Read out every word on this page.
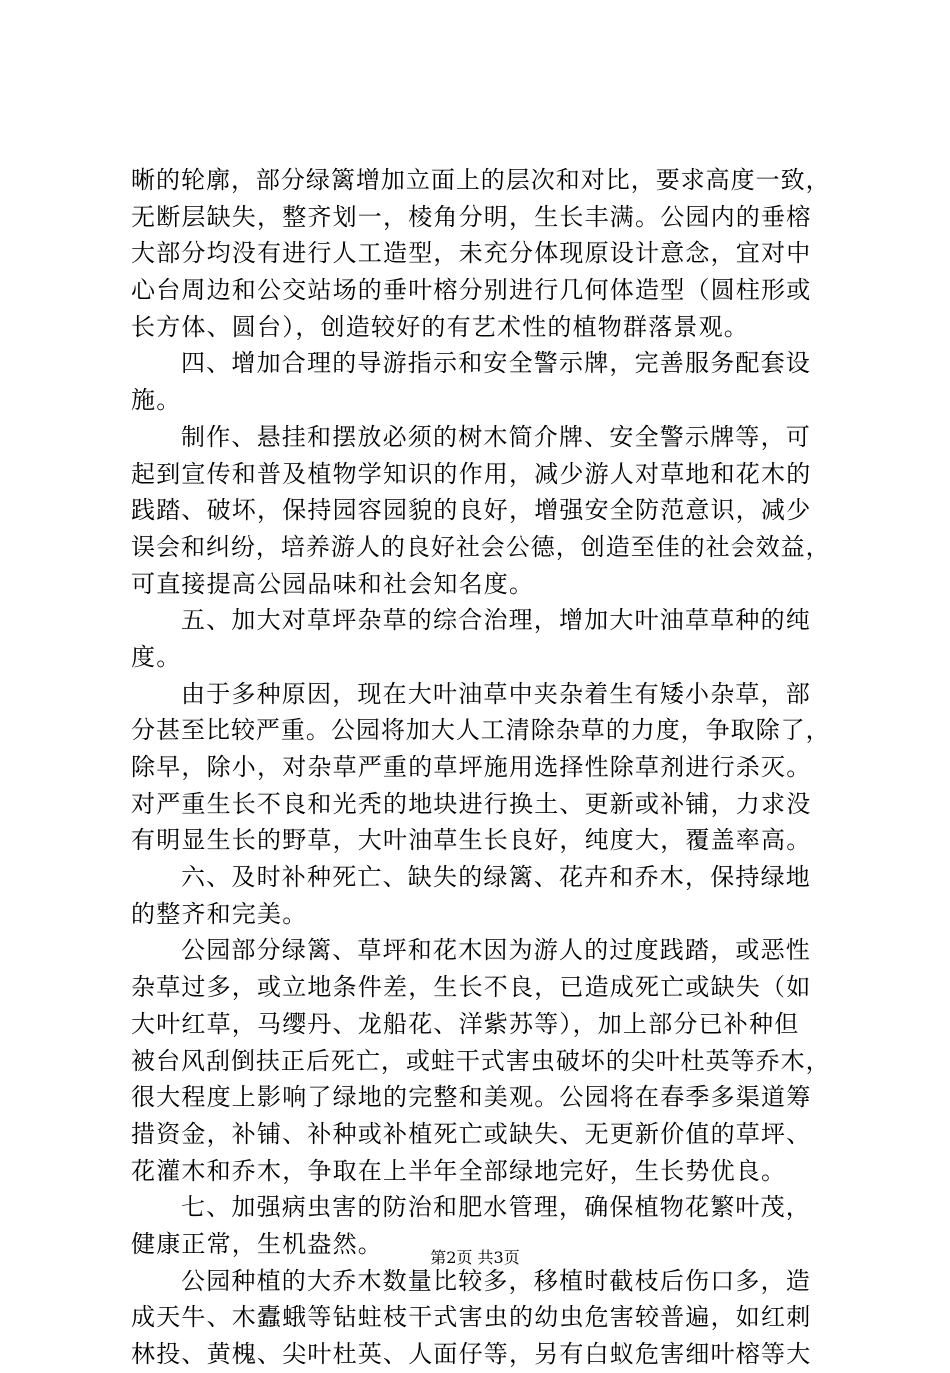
晰的轮廓，部分绿篱增加立面上的层次和对比，要求高度一致，
无断层缺失，整齐划一，棱角分明，生长丰满。公园内的垂榕
大部分均没有进行人工造型，未充分体现原设计意念，宜对中
心台周边和公交站场的垂叶榕分别进行几何体造型（圆柱形或
长方体、圆台），创造较好的有艺术性的植物群落景观。
四、增加合理的导游指示和安全警示牌，完善服务配套设
施。
制作、悬挂和摆放必须的树木简介牌、安全警示牌等，可
起到宣传和普及植物学知识的作用，减少游人对草地和花木的
践踏、破坏，保持园容园貌的良好，增强安全防范意识，减少
误会和纠纷，培养游人的良好社会公德，创造至佳的社会效益，
可直接提高公园品味和社会知名度。
五、加大对草坪杂草的综合治理，增加大叶油草草种的纯
度。
由于多种原因，现在大叶油草中夹杂着生有矮小杂草，部
分甚至比较严重。公园将加大人工清除杂草的力度，争取除了，
除早，除小，对杂草严重的草坪施用选择性除草剂进行杀灭。
对严重生长不良和光秃的地块进行换土、更新或补铺，力求没
有明显生长的野草，大叶油草生长良好，纯度大，覆盖率高。
六、及时补种死亡、缺失的绿篱、花卉和乔木，保持绿地
的整齐和完美。
公园部分绿篱、草坪和花木因为游人的过度践踏，或恶性
杂草过多，或立地条件差，生长不良，已造成死亡或缺失（如
大叶红草，马缨丹、龙船花、洋紫苏等），加上部分已补种但
被台风刮倒扶正后死亡，或蛀干式害虫破坏的尖叶杜英等乔木，
很大程度上影响了绿地的完整和美观。公园将在春季多渠道筹
措资金，补铺、补种或补植死亡或缺失、无更新价值的草坪、
花灌木和乔木，争取在上半年全部绿地完好，生长势优良。
七、加强病虫害的防治和肥水管理，确保植物花繁叶茂，
健康正常，生机盎然。
公园种植的大乔木数量比较多，移植时截枝后伤口多，造
成天牛、木蠹蛾等钻蛀枝干式害虫的幼虫危害较普遍，如红刺
林投、黄槐、尖叶杜英、人面仔等，另有白蚁危害细叶榕等大
第2页 共3页
